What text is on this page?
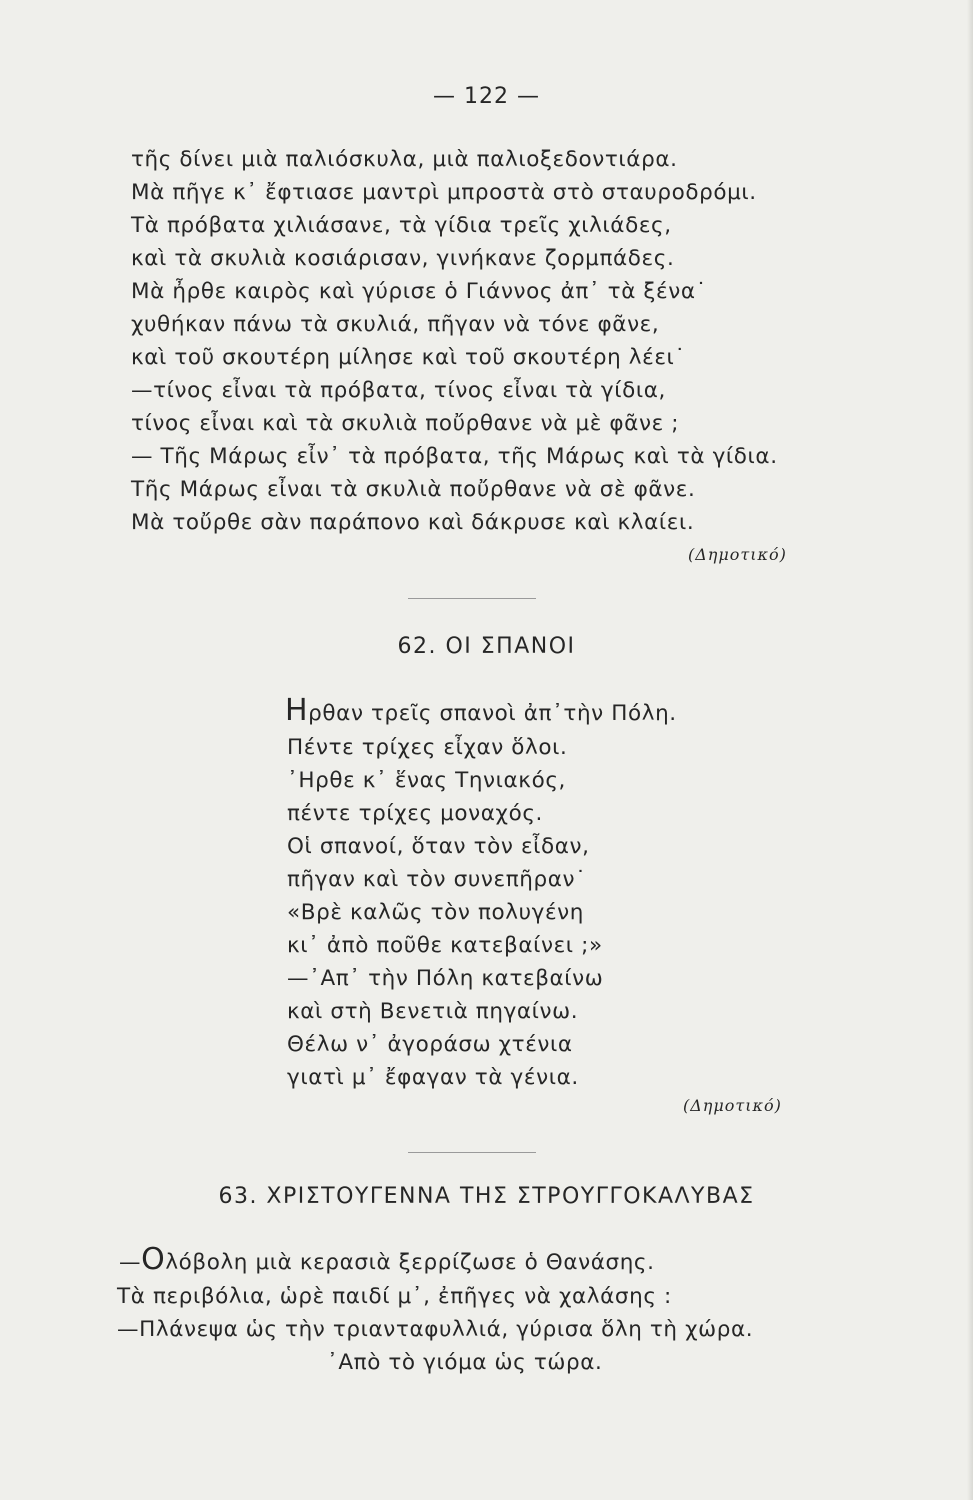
— 122 —
τῆς δίνει μιὰ παλιόσκυλα, μιὰ παλιοξεδοντιάρα.
Μὰ πῆγε κ᾽ ἔφτιασε μαντρὶ μπροστὰ στὸ σταυροδρόμι.
Τὰ πρόβατα χιλιάσανε, τὰ γίδια τρεῖς χιλιάδες,
καὶ τὰ σκυλιὰ κοσιάρισαν, γινήκανε ζορμπάδες.
Μὰ ἦρθε καιρὸς καὶ γύρισε ὁ Γιάννος ἀπ᾽ τὰ ξένα˙
χυθήκαν πάνω τὰ σκυλιά, πῆγαν νὰ τόνε φᾶνε,
καὶ τοῦ σκουτέρη μίλησε καὶ τοῦ σκουτέρη λέει˙
—τίνος εἶναι τὰ πρόβατα, τίνος εἶναι τὰ γίδια,
τίνος εἶναι καὶ τὰ σκυλιὰ ποὔρθανε νὰ μὲ φᾶνε ;
— Τῆς Μάρως εἶν᾽ τὰ πρόβατα, τῆς Μάρως καὶ τὰ γίδια.
Τῆς Μάρως εἶναι τὰ σκυλιὰ ποὔρθανε νὰ σὲ φᾶνε.
Μὰ τοὔρθε σὰν παράπονο καὶ δάκρυσε καὶ κλαίει.
(Δημοτικό)
62. ΟΙ ΣΠΑΝΟΙ
Ηρθαν τρεῖς σπανοὶ ἀπ᾽τὴν Πόλη.
Πέντε τρίχες εἶχαν ὅλοι.
᾽Ηρθε κ᾽ ἕνας Τηνιακός,
πέντε τρίχες μοναχός.
Οἱ σπανοί, ὅταν τὸν εἶδαν,
πῆγαν καὶ τὸν συνεπῆραν˙
«Βρὲ καλῶς τὸν πολυγένη
κι᾽ ἀπὸ ποῦθε κατεβαίνει ;»
—᾽Απ᾽ τὴν Πόλη κατεβαίνω
καὶ στὴ Βενετιὰ πηγαίνω.
Θέλω ν᾽ ἀγοράσω χτένια
γιατὶ μ᾽ ἔφαγαν τὰ γένια.
(Δημοτικό)
63. ΧΡΙΣΤΟΥΓΕΝΝΑ ΤΗΣ ΣΤΡΟΥΓΓΟΚΑΛΥΒΑΣ
—Ολόβολη μιὰ κερασιὰ ξερρίζωσε ὁ Θανάσης.
Τὰ περιβόλια, ὡρὲ παιδί μ᾽, ἐπῆγες νὰ χαλάσης :
—Πλάνεψα ὡς τὴν τριανταφυλλιά, γύρισα ὅλη τὴ χώρα.
᾽Απὸ τὸ γιόμα ὡς τώρα.
